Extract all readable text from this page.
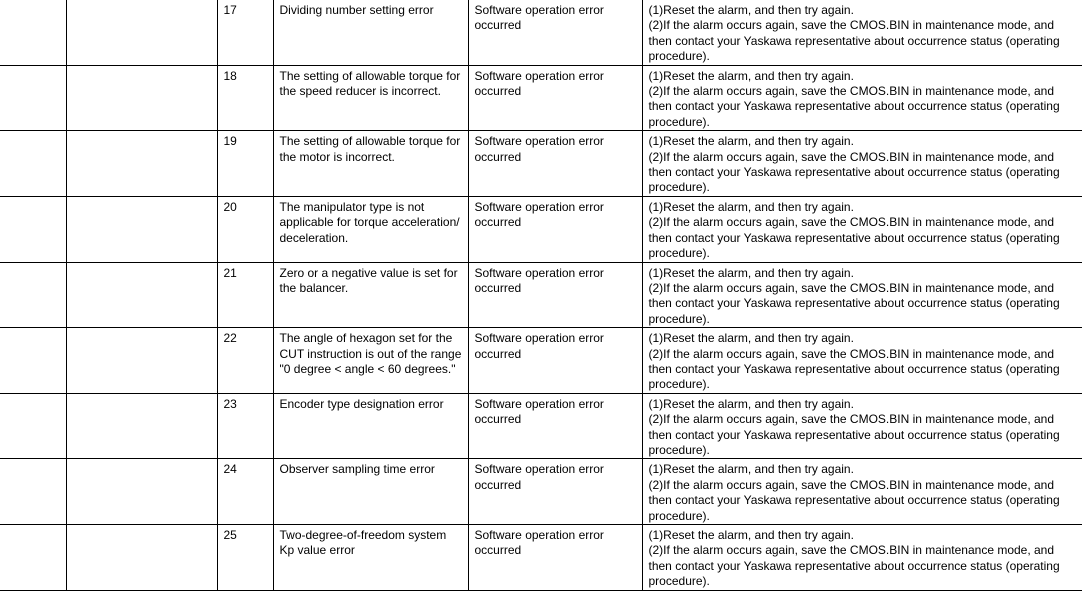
		17	Dividing number setting error	Software operation error occurred	(1)Reset the alarm, and then try again.
(2)If the alarm occurs again, save the CMOS.BIN in maintenance mode, and then contact your Yaskawa representative about occurrence status (operating procedure).

		18	The setting of allowable torque for the speed reducer is incorrect.	Software operation error occurred	(1)Reset the alarm, and then try again.
(2)If the alarm occurs again, save the CMOS.BIN in maintenance mode, and then contact your Yaskawa representative about occurrence status (operating procedure).

		19	The setting of allowable torque for the motor is incorrect.	Software operation error occurred	(1)Reset the alarm, and then try again.
(2)If the alarm occurs again, save the CMOS.BIN in maintenance mode, and then contact your Yaskawa representative about occurrence status (operating procedure).

		20	The manipulator type is not applicable for torque acceleration/ deceleration.	Software operation error occurred	(1)Reset the alarm, and then try again.
(2)If the alarm occurs again, save the CMOS.BIN in maintenance mode, and then contact your Yaskawa representative about occurrence status (operating procedure).

		21	Zero or a negative value is set for the balancer.	Software operation error occurred	(1)Reset the alarm, and then try again.
(2)If the alarm occurs again, save the CMOS.BIN in maintenance mode, and then contact your Yaskawa representative about occurrence status (operating procedure).

		22	The angle of hexagon set for the CUT instruction is out of the range "0 degree < angle < 60 degrees."	Software operation error occurred	(1)Reset the alarm, and then try again.
(2)If the alarm occurs again, save the CMOS.BIN in maintenance mode, and then contact your Yaskawa representative about occurrence status (operating procedure).

		23	Encoder type designation error	Software operation error occurred	(1)Reset the alarm, and then try again.
(2)If the alarm occurs again, save the CMOS.BIN in maintenance mode, and then contact your Yaskawa representative about occurrence status (operating procedure).

		24	Observer sampling time error	Software operation error occurred	(1)Reset the alarm, and then try again.
(2)If the alarm occurs again, save the CMOS.BIN in maintenance mode, and then contact your Yaskawa representative about occurrence status (operating procedure).

		25	Two-degree-of-freedom system Kp value error	Software operation error occurred	(1)Reset the alarm, and then try again.
(2)If the alarm occurs again, save the CMOS.BIN in maintenance mode, and then contact your Yaskawa representative about occurrence status (operating procedure).
